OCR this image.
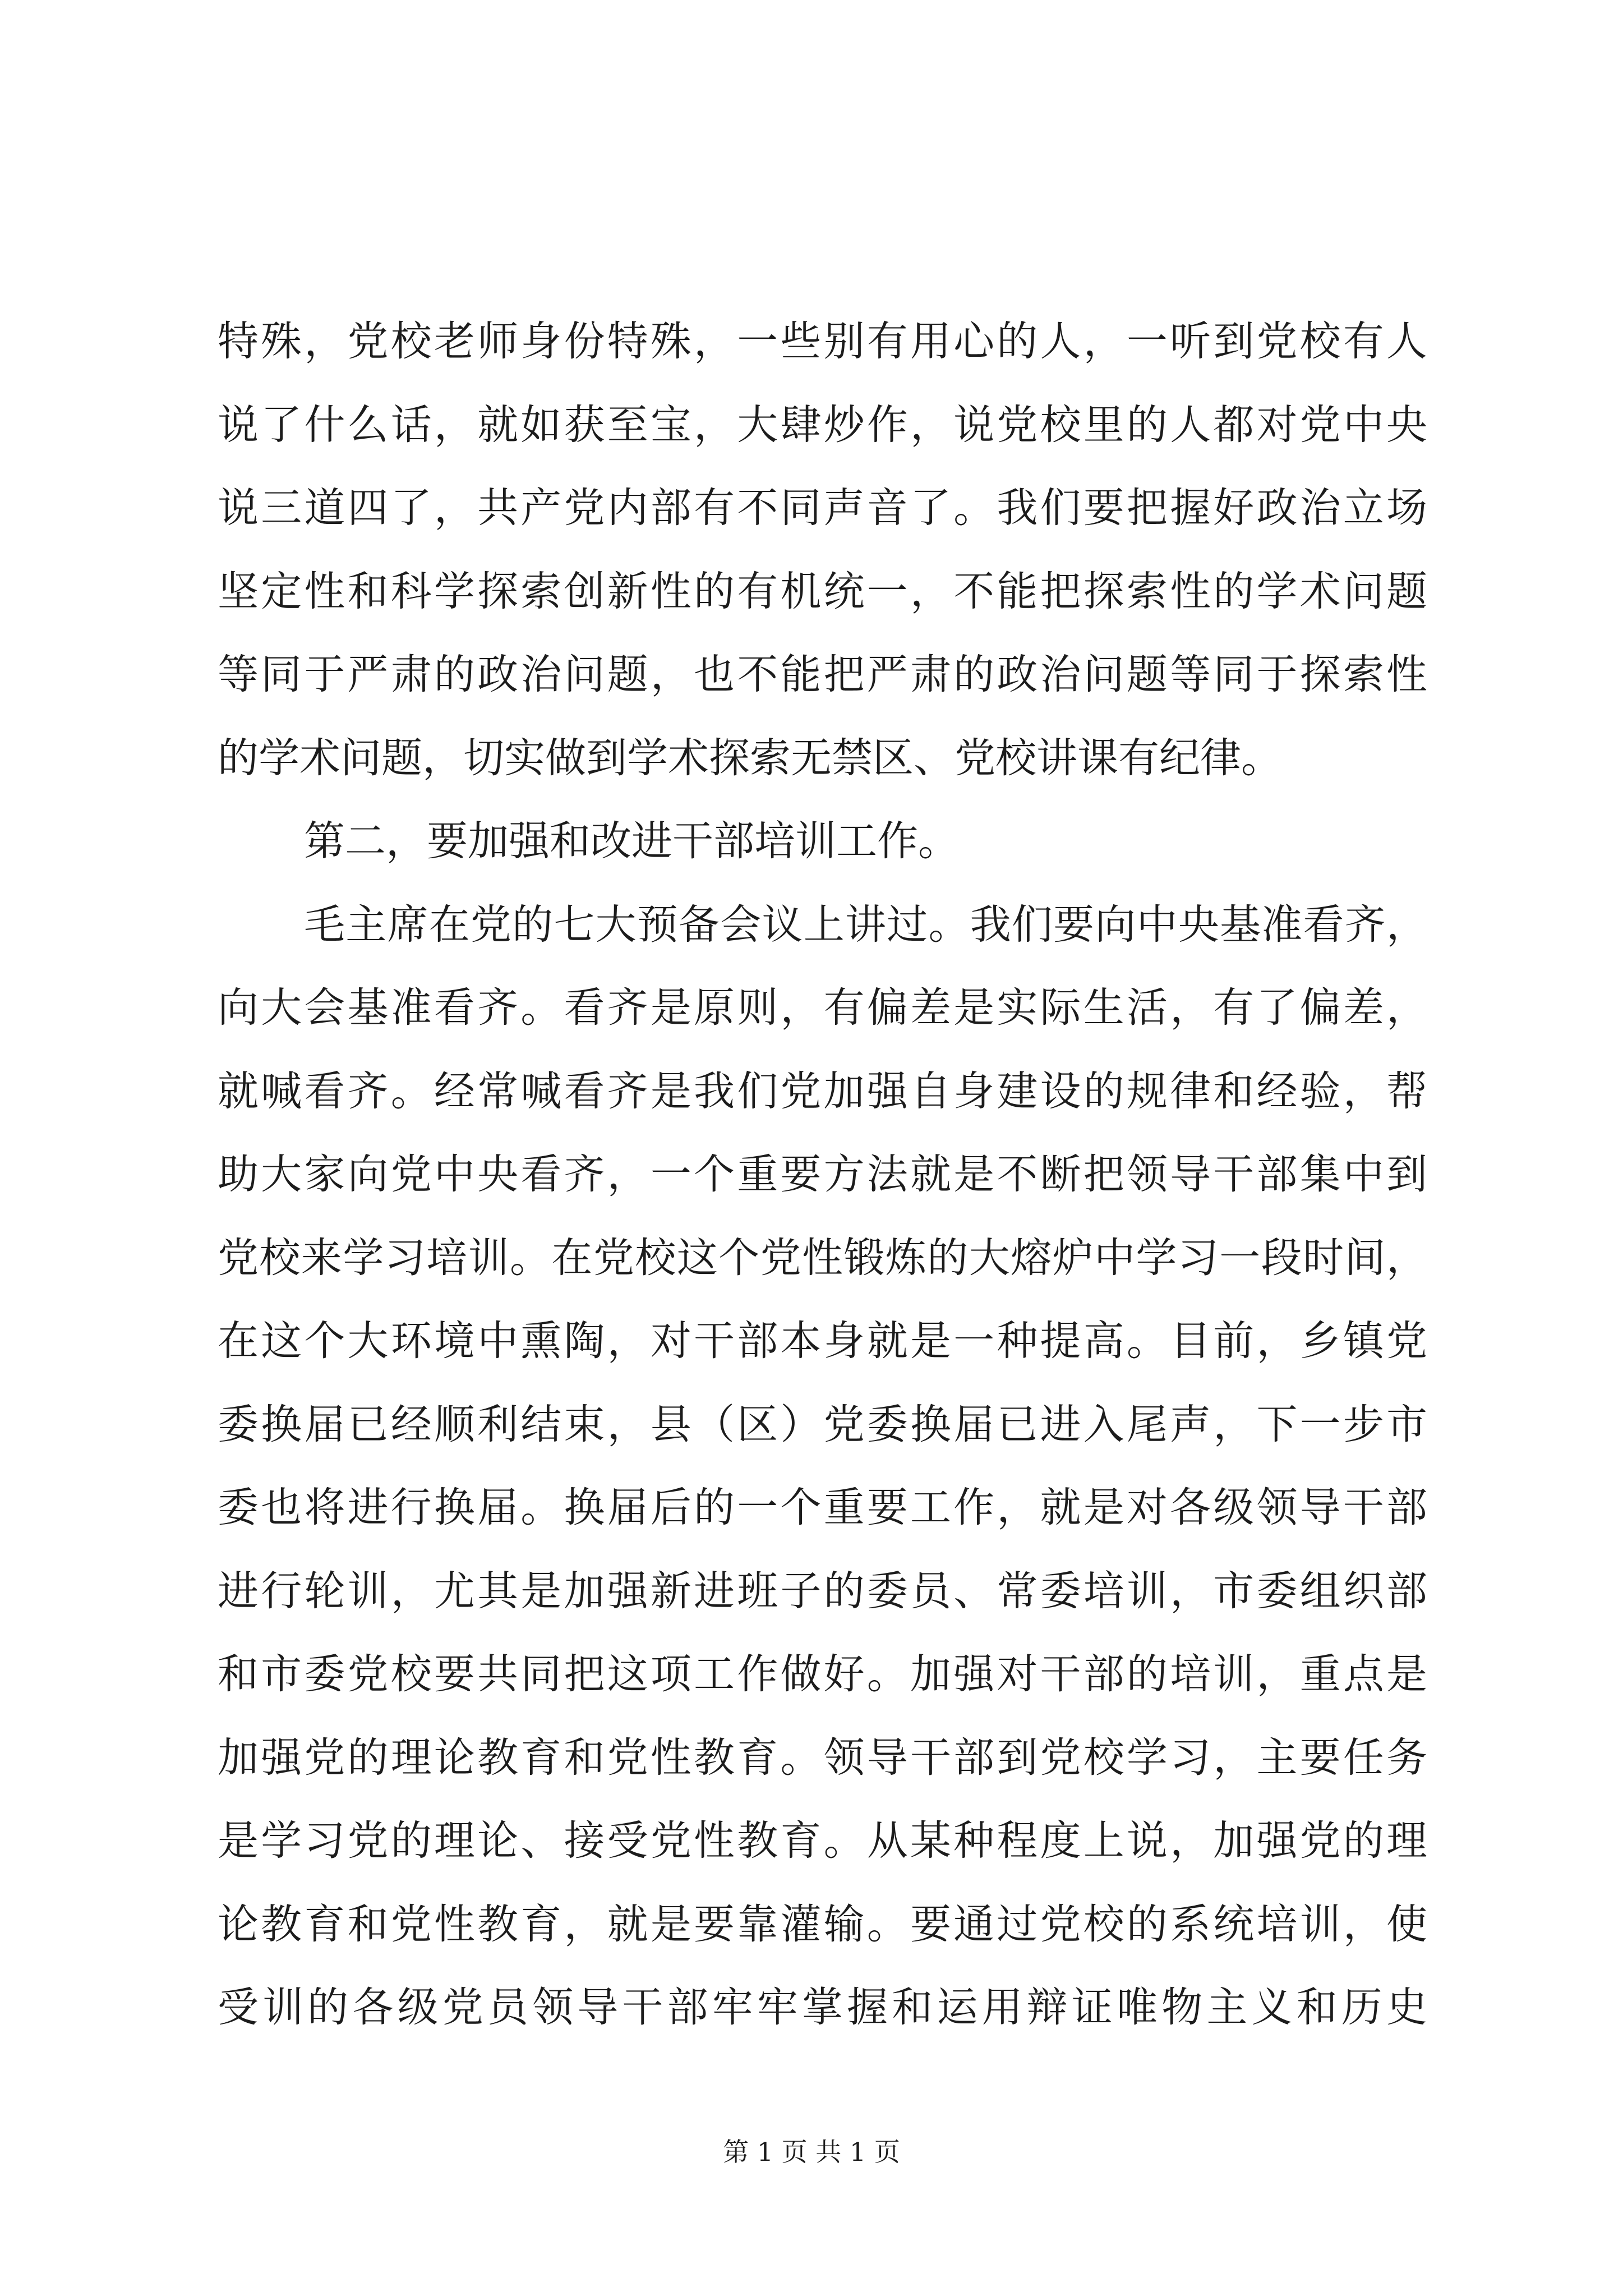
特殊，党校老师身份特殊，一些别有用心的人，一听到党校有人
说了什么话，就如获至宝，大肆炒作，说党校里的人都对党中央
说三道四了，共产党内部有不同声音了。我们要把握好政治立场
坚定性和科学探索创新性的有机统一，不能把探索性的学术问题
等同于严肃的政治问题，也不能把严肃的政治问题等同于探索性
的学术问题，切实做到学术探索无禁区、党校讲课有纪律。
第二，要加强和改进干部培训工作。
毛主席在党的七大预备会议上讲过。我们要向中央基准看齐，
向大会基准看齐。看齐是原则，有偏差是实际生活，有了偏差，
就喊看齐。经常喊看齐是我们党加强自身建设的规律和经验，帮
助大家向党中央看齐，一个重要方法就是不断把领导干部集中到
党校来学习培训。在党校这个党性锻炼的大熔炉中学习一段时间，
在这个大环境中熏陶，对干部本身就是一种提高。目前，乡镇党
委换届已经顺利结束，县（区）党委换届已进入尾声，下一步市
委也将进行换届。换届后的一个重要工作，就是对各级领导干部
进行轮训，尤其是加强新进班子的委员、常委培训，市委组织部
和市委党校要共同把这项工作做好。加强对干部的培训，重点是
加强党的理论教育和党性教育。领导干部到党校学习，主要任务
是学习党的理论、接受党性教育。从某种程度上说，加强党的理
论教育和党性教育，就是要靠灌输。要通过党校的系统培训，使
受训的各级党员领导干部牢牢掌握和运用辩证唯物主义和历史
第 1 页 共 1 页
